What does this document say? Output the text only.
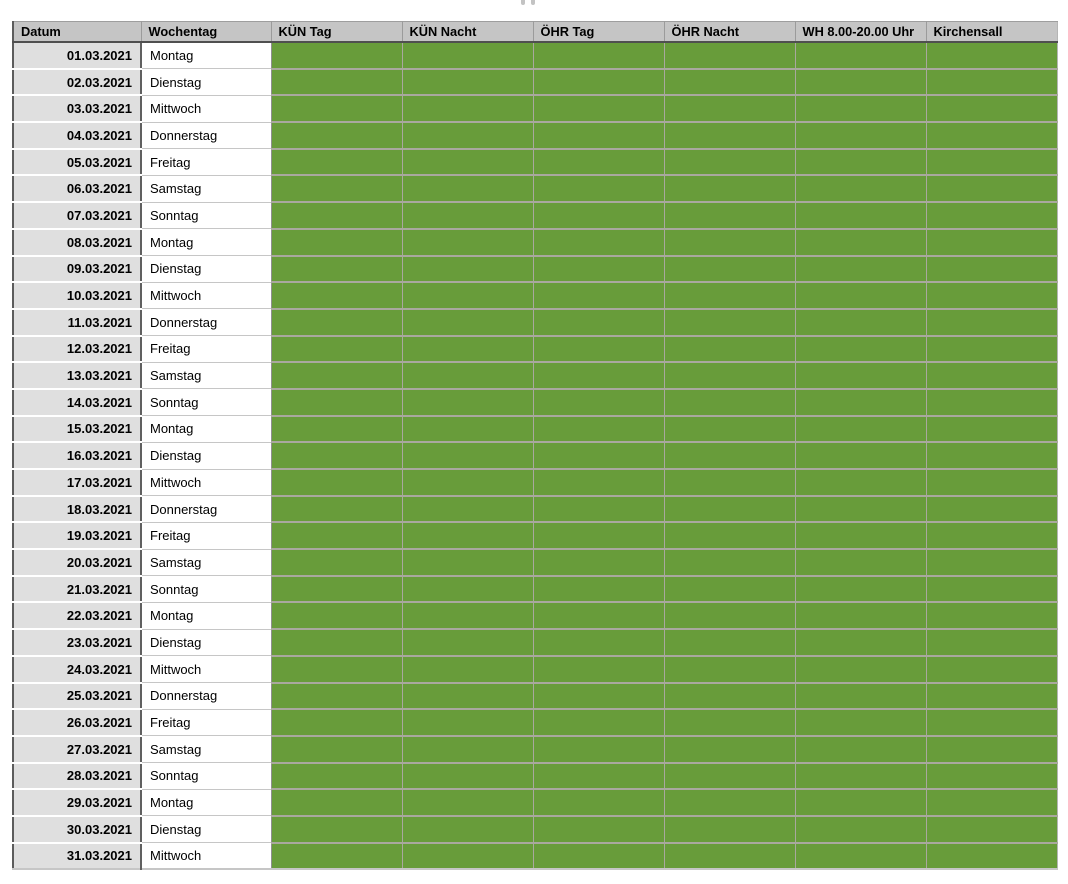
Datum	Wochentag	KÜN Tag	KÜN Nacht	ÖHR Tag	ÖHR Nacht	WH 8.00-20.00 Uhr	Kirchensall
01.03.2021	Montag						
02.03.2021	Dienstag						
03.03.2021	Mittwoch						
04.03.2021	Donnerstag						
05.03.2021	Freitag						
06.03.2021	Samstag						
07.03.2021	Sonntag						
08.03.2021	Montag						
09.03.2021	Dienstag						
10.03.2021	Mittwoch						
11.03.2021	Donnerstag						
12.03.2021	Freitag						
13.03.2021	Samstag						
14.03.2021	Sonntag						
15.03.2021	Montag						
16.03.2021	Dienstag						
17.03.2021	Mittwoch						
18.03.2021	Donnerstag						
19.03.2021	Freitag						
20.03.2021	Samstag						
21.03.2021	Sonntag						
22.03.2021	Montag						
23.03.2021	Dienstag						
24.03.2021	Mittwoch						
25.03.2021	Donnerstag						
26.03.2021	Freitag						
27.03.2021	Samstag						
28.03.2021	Sonntag						
29.03.2021	Montag						
30.03.2021	Dienstag						
31.03.2021	Mittwoch						
